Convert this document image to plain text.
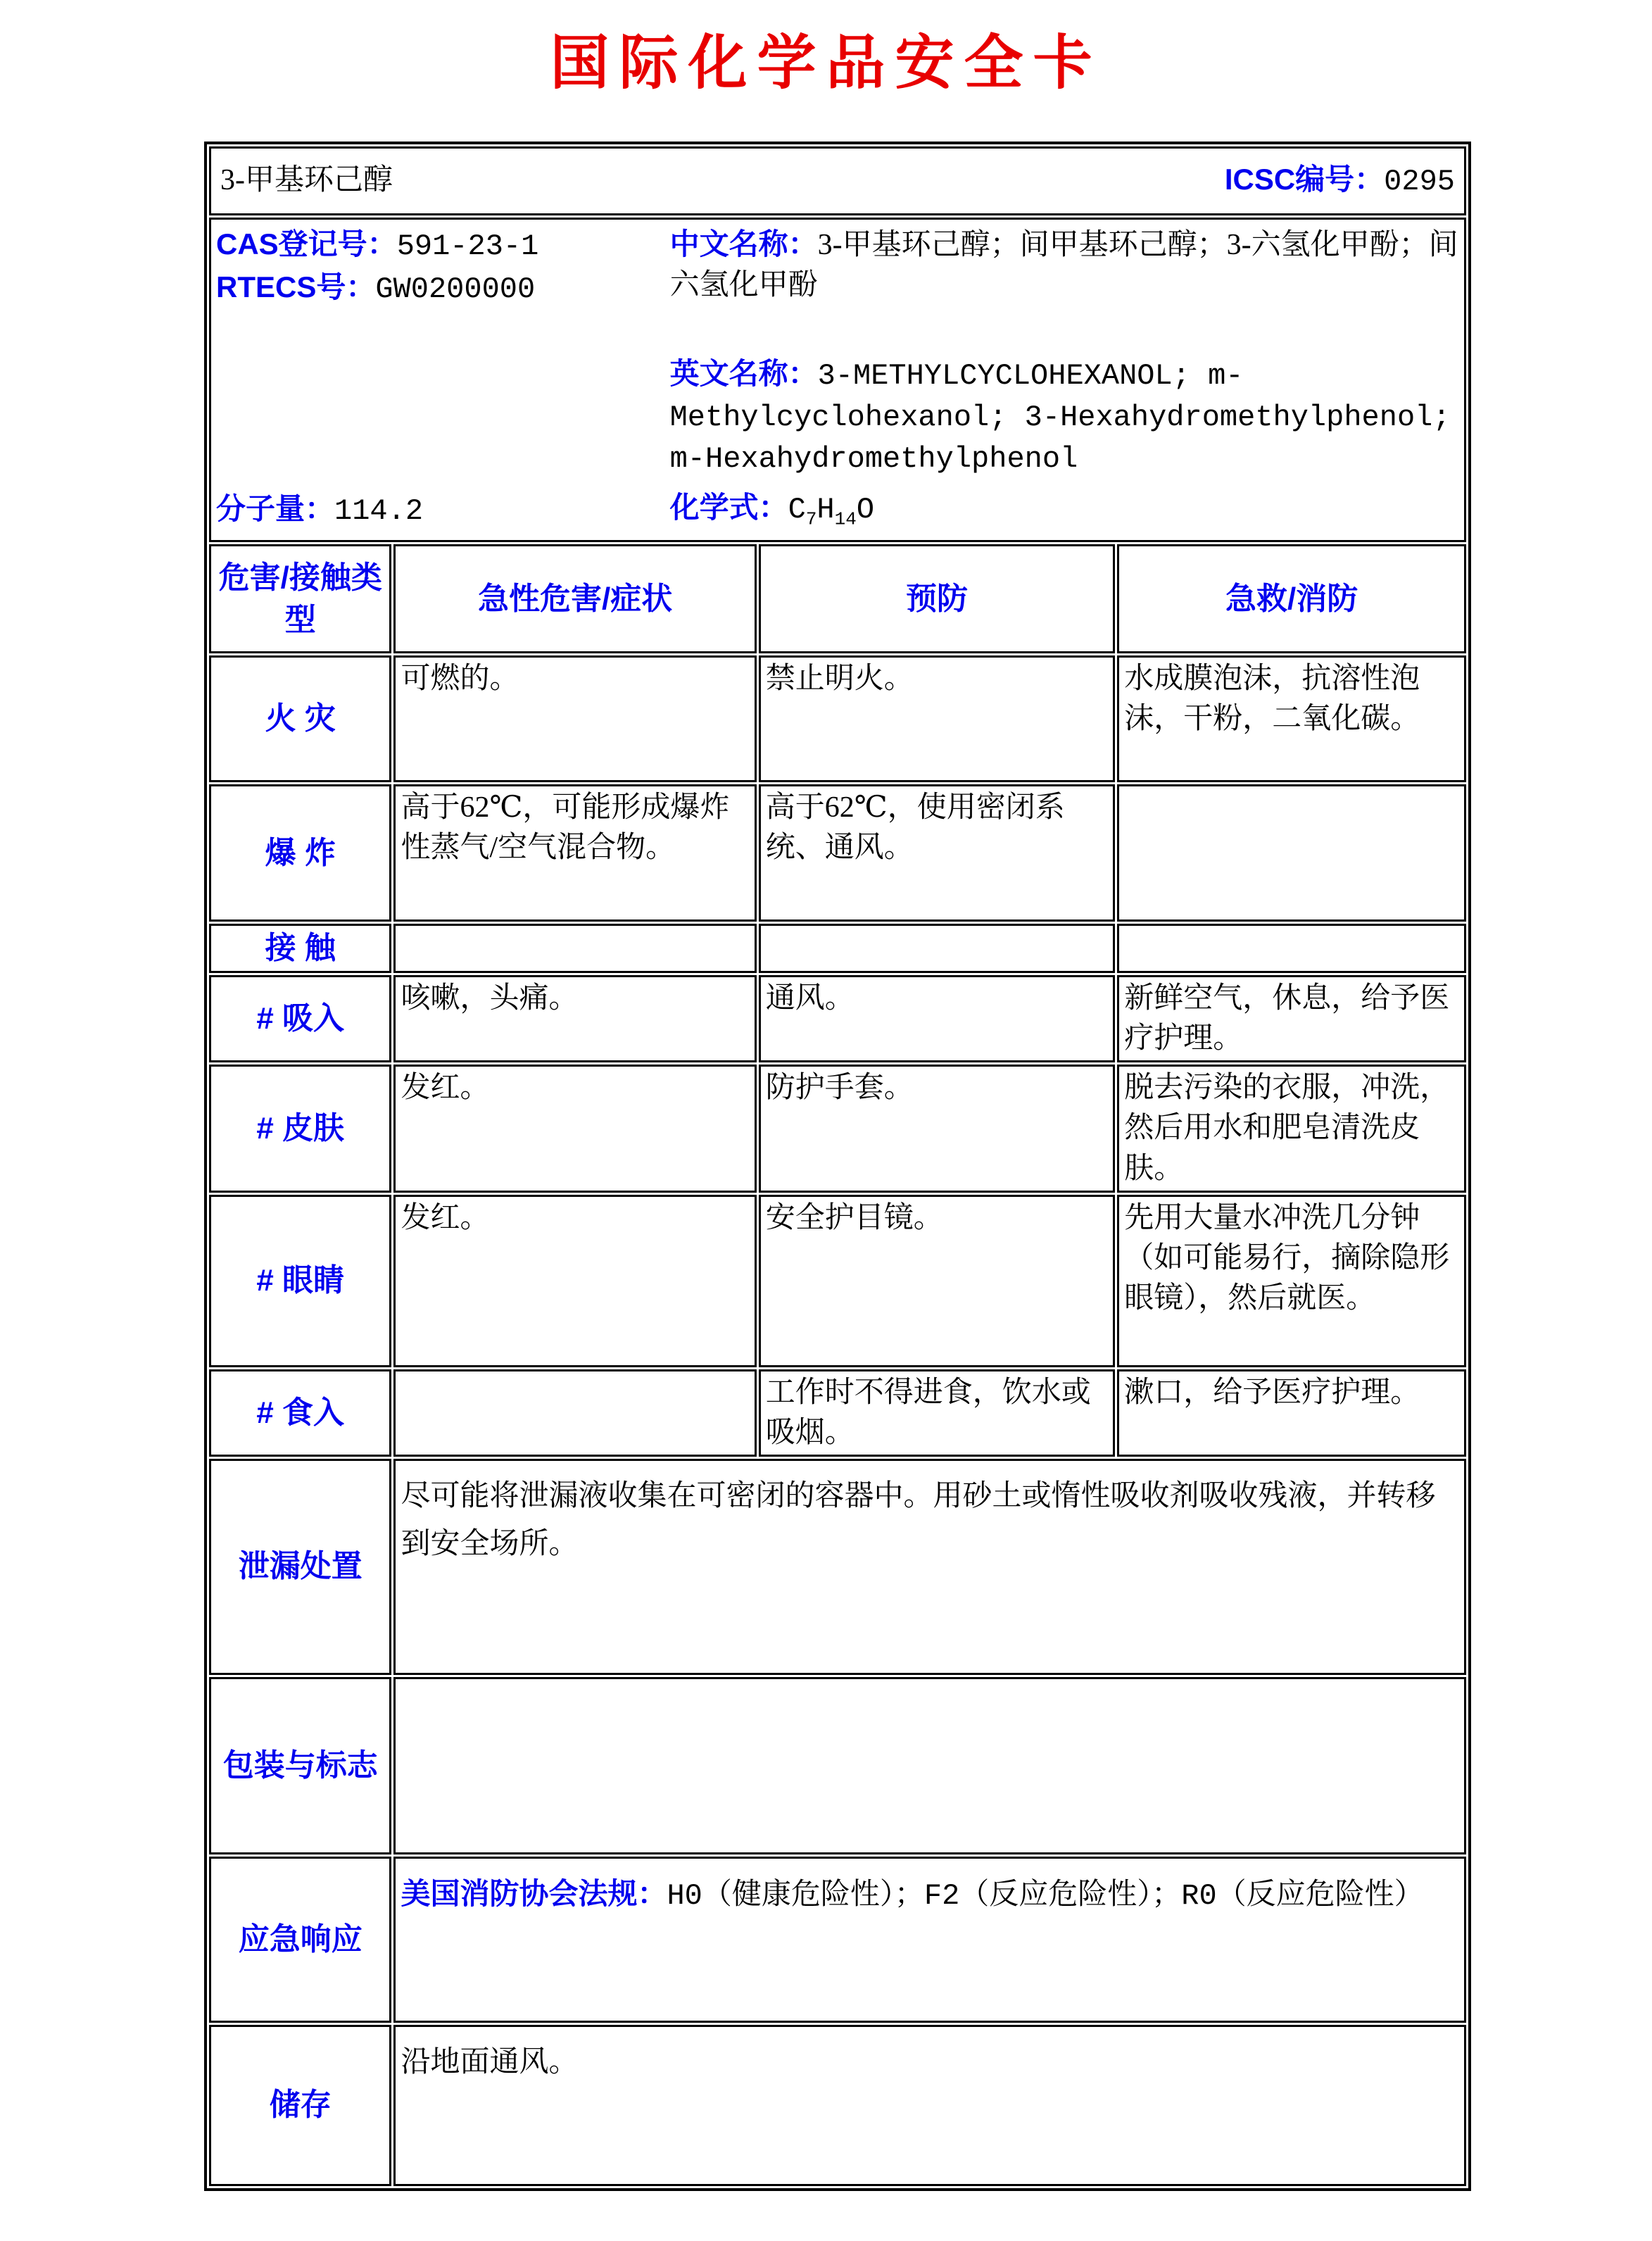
国际化学品安全卡
3-甲基环己醇 ICSC编号：0295			

CAS登记号：591-23-1
RTECS号：GW0200000
分子量：114.2
中文名称：3-甲基环己醇；间甲基环己醇；3-六氢化甲酚；间六氢化甲酚
英文名称：3-METHYLCYCLOHEXANOL; m-Methylcyclohexanol; 3-Hexahydromethylphenol; m-Hexahydromethylphenol
化学式：$C_7H_{14}O$

危害/接触类型	急性危害/症状	预防	急救/消防
火 灾	可燃的。	禁止明火。	水成膜泡沫，抗溶性泡沫，干粉，二氧化碳。
爆 炸	高于62℃，可能形成爆炸性蒸气/空气混合物。	高于62℃，使用密闭系统、通风。	
接 触			
# 吸入	咳嗽，头痛。	通风。	新鲜空气，休息，给予医疗护理。
# 皮肤	发红。	防护手套。	脱去污染的衣服，冲洗，然后用水和肥皂清洗皮肤。
# 眼睛	发红。	安全护目镜。	先用大量水冲洗几分钟（如可能易行，摘除隐形眼镜），然后就医。
# 食入		工作时不得进食，饮水或吸烟。	漱口，给予医疗护理。
泄漏处置	尽可能将泄漏液收集在可密闭的容器中。用砂土或惰性吸收剂吸收残液，并转移到安全场所。		
包装与标志			
应急响应	美国消防协会法规：H0（健康危险性）；F2（反应危险性）；R0（反应危险性）		
储存	沿地面通风。		
